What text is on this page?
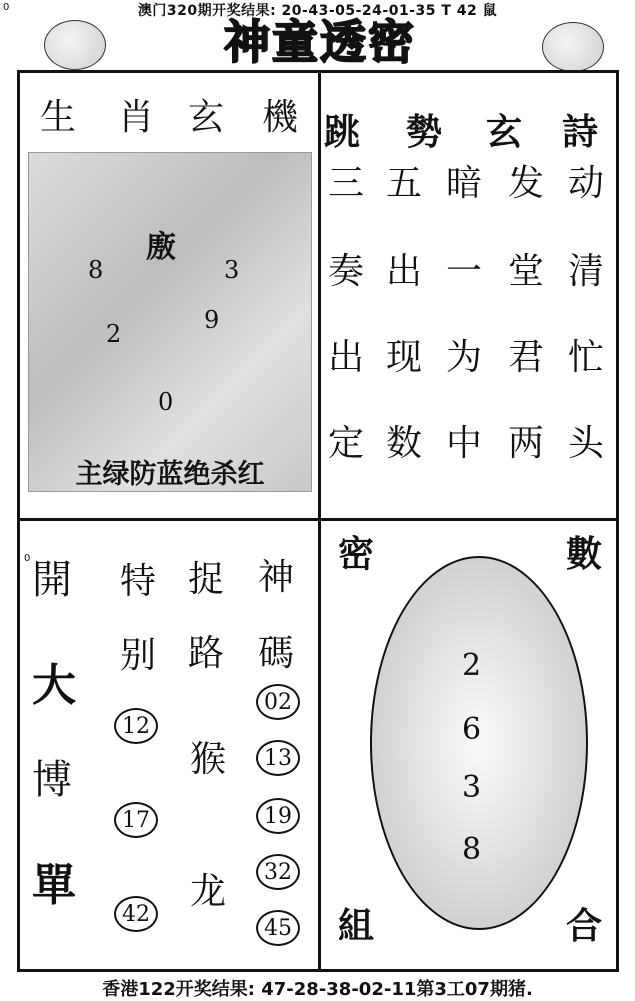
0	澳门320期开奖结果: 20-43-05-24-01-35 T 42 鼠
神童透密
生 肖 玄 機
廒
8	3
2	9
0
主绿防蓝绝杀红
跳 勢 玄 詩
三 五 暗 发 动
奏 出 一 堂 清
出 现 为 君 忙
定 数 中 两 头
0 開
大
博
單
特
别
捉
路
神
碼
12
17
42
猴
龙
02
13
19
32
45
密	數
組	合
2
6
3
8
香港122开奖结果: 47-28-38-02-11第3工07期猪.
